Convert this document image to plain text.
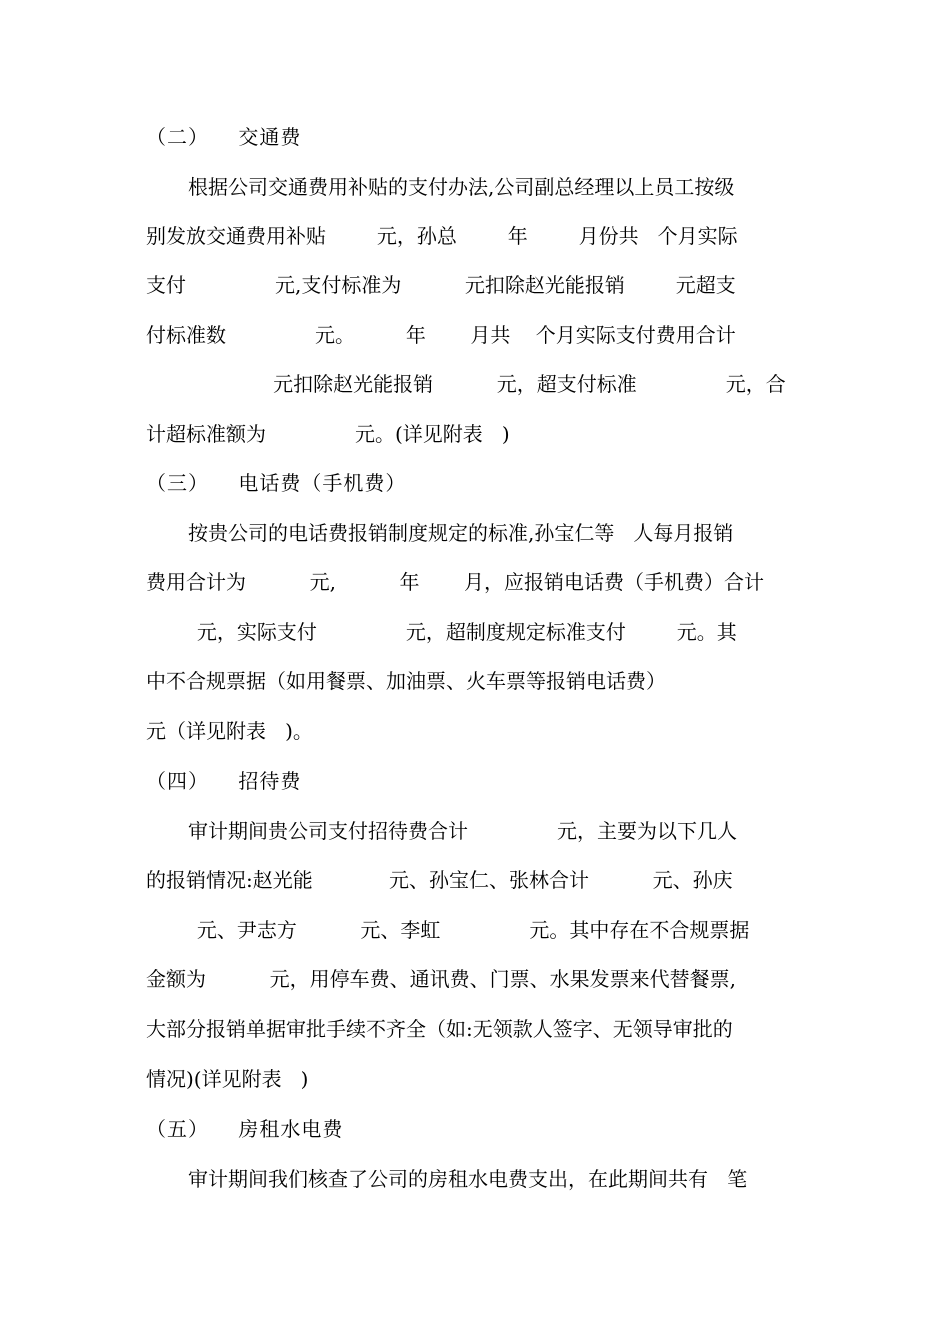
（二）    交通费
根据公司交通费用补贴的支付办法,公司副总经理以上员工按级
别发放交通费用补贴        元，孙总        年        月份共   个月实际
支付              元,支付标准为          元扣除赵光能报销        元超支
付标准数              元。        年       月共    个月实际支付费用合计
元扣除赵光能报销          元，超支付标准              元，合
计超标准额为              元。(详见附表   )
（三）    电话费（手机费）
按贵公司的电话费报销制度规定的标准,孙宝仁等   人每月报销
费用合计为          元,          年       月，应报销电话费（手机费）合计
元，实际支付              元，超制度规定标准支付        元。其
中不合规票据（如用餐票、加油票、火车票等报销电话费）
元（详见附表   )。
（四）    招待费
审计期间贵公司支付招待费合计              元，主要为以下几人
的报销情况:赵光能            元、孙宝仁、张林合计          元、孙庆
元、尹志方          元、李虹              元。其中存在不合规票据
金额为          元，用停车费、通讯费、门票、水果发票来代替餐票,
大部分报销单据审批手续不齐全（如:无领款人签字、无领导审批的
情况)(详见附表   )
（五）    房租水电费
审计期间我们核查了公司的房租水电费支出，在此期间共有   笔
